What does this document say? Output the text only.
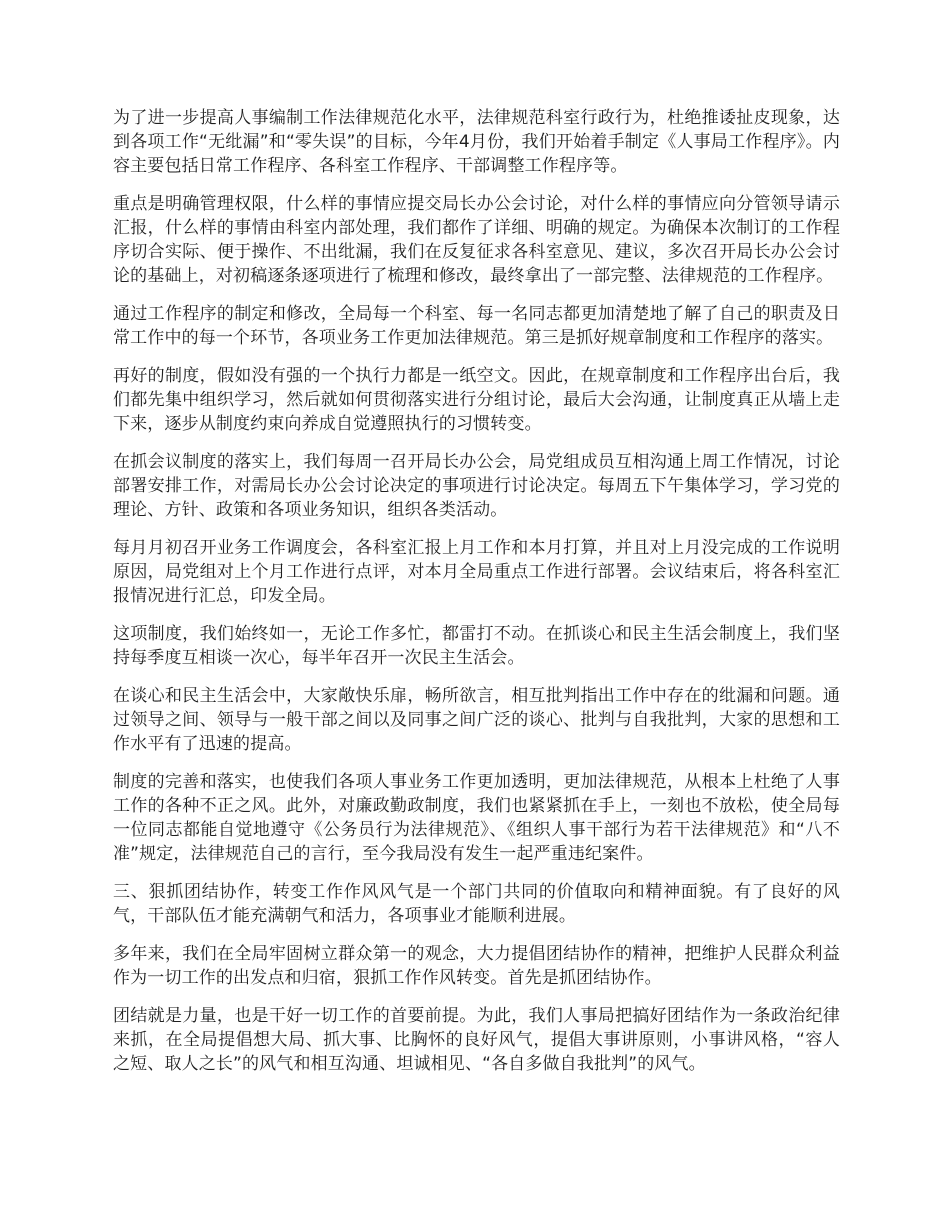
为了进一步提高人事编制工作法律规范化水平，法律规范科室行政行为，杜绝推诿扯皮现象，达到各项工作“无纰漏”和“零失误”的目标，今年4月份，我们开始着手制定《人事局工作程序》。内容主要包括日常工作程序、各科室工作程序、干部调整工作程序等。

重点是明确管理权限，什么样的事情应提交局长办公会讨论，对什么样的事情应向分管领导请示汇报，什么样的事情由科室内部处理，我们都作了详细、明确的规定。为确保本次制订的工作程序切合实际、便于操作、不出纰漏，我们在反复征求各科室意见、建议，多次召开局长办公会讨论的基础上，对初稿逐条逐项进行了梳理和修改，最终拿出了一部完整、法律规范的工作程序。

通过工作程序的制定和修改，全局每一个科室、每一名同志都更加清楚地了解了自己的职责及日常工作中的每一个环节，各项业务工作更加法律规范。第三是抓好规章制度和工作程序的落实。

再好的制度，假如没有强的一个执行力都是一纸空文。因此，在规章制度和工作程序出台后，我们都先集中组织学习，然后就如何贯彻落实进行分组讨论，最后大会沟通，让制度真正从墙上走下来，逐步从制度约束向养成自觉遵照执行的习惯转变。

在抓会议制度的落实上，我们每周一召开局长办公会，局党组成员互相沟通上周工作情况，讨论部署安排工作，对需局长办公会讨论决定的事项进行讨论决定。每周五下午集体学习，学习党的理论、方针、政策和各项业务知识，组织各类活动。

每月月初召开业务工作调度会，各科室汇报上月工作和本月打算，并且对上月没完成的工作说明原因，局党组对上个月工作进行点评，对本月全局重点工作进行部署。会议结束后，将各科室汇报情况进行汇总，印发全局。

这项制度，我们始终如一，无论工作多忙，都雷打不动。在抓谈心和民主生活会制度上，我们坚持每季度互相谈一次心，每半年召开一次民主生活会。

在谈心和民主生活会中，大家敞快乐扉，畅所欲言，相互批判指出工作中存在的纰漏和问题。通过领导之间、领导与一般干部之间以及同事之间广泛的谈心、批判与自我批判，大家的思想和工作水平有了迅速的提高。

制度的完善和落实，也使我们各项人事业务工作更加透明，更加法律规范，从根本上杜绝了人事工作的各种不正之风。此外，对廉政勤政制度，我们也紧紧抓在手上，一刻也不放松，使全局每一位同志都能自觉地遵守《公务员行为法律规范》、《组织人事干部行为若干法律规范》和“八不准”规定，法律规范自己的言行，至今我局没有发生一起严重违纪案件。

三、狠抓团结协作，转变工作作风风气是一个部门共同的价值取向和精神面貌。有了良好的风气，干部队伍才能充满朝气和活力，各项事业才能顺利进展。

多年来，我们在全局牢固树立群众第一的观念，大力提倡团结协作的精神，把维护人民群众利益作为一切工作的出发点和归宿，狠抓工作作风转变。首先是抓团结协作。

团结就是力量，也是干好一切工作的首要前提。为此，我们人事局把搞好团结作为一条政治纪律来抓，在全局提倡想大局、抓大事、比胸怀的良好风气，提倡大事讲原则，小事讲风格，“容人之短、取人之长”的风气和相互沟通、坦诚相见、“各自多做自我批判”的风气。
